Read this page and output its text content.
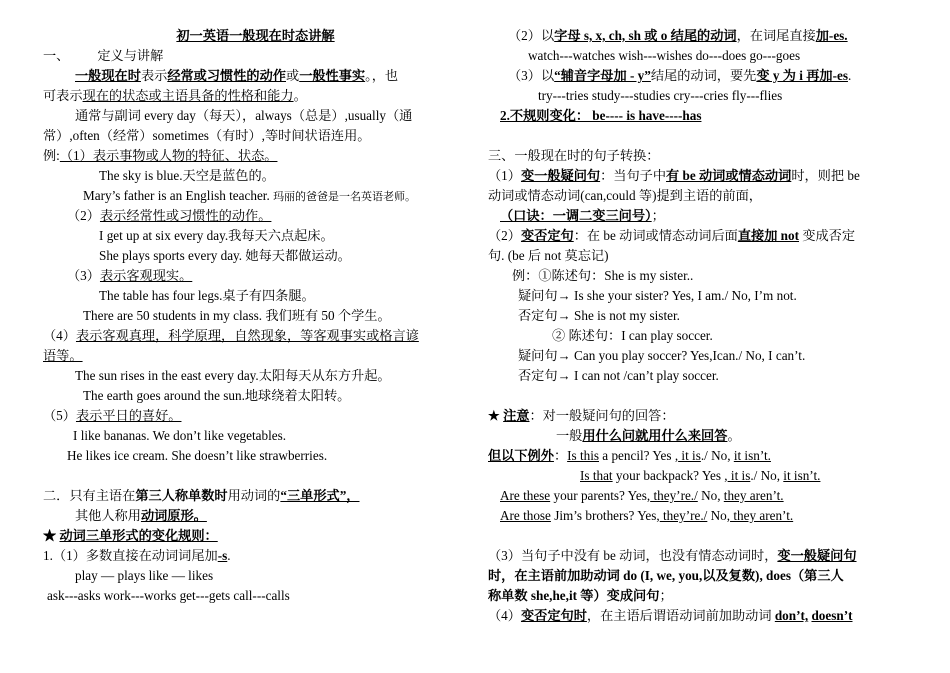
初一英语一般现在时态讲解
一、 定义与讲解
一般现在时表示经常或习惯性的动作或一般性事实。，也
可表示现在的状态或主语具备的性格和能力。
通常与副词 every day（每天），always（总是）,usually（通
常）,often（经常）sometimes（有时）,等时间状语连用。
例:（1）表示事物或人物的特征、状态。
The sky is blue.天空是蓝色的。
Mary’s father is an English teacher. 玛丽的爸爸是一名英语老师。
（2）表示经常性或习惯性的动作。
I get up at six every day.我每天六点起床。
She plays sports every day. 她每天都做运动。
（3）表示客观现实。
The table has four legs.桌子有四条腿。
There are 50 students in my class. 我们班有 50 个学生。
（4）表示客观真理，科学原理，自然现象，等客观事实或格言谚
语等。
The sun rises in the east every day.太阳每天从东方升起。
The earth goes around the sun.地球绕着太阳转。
（5）表示平日的喜好。
I like bananas. We don’t like vegetables.
He likes ice cream. She doesn’t like strawberries.
二．只有主语在第三人称单数时用动词的“三单形式”，
其他人称用动词原形。
★ 动词三单形式的变化规则：
1.（1）多数直接在动词词尾加-s.
play — plays like — likes
ask---asks work---works get---gets call---calls
（2）以字母 s, x, ch, sh 或 o 结尾的动词，在词尾直接加-es.
watch---watches wish---wishes do---does go---goes
（3）以“辅音字母加 - y”结尾的动词，要先变 y 为 i 再加-es.
try---tries study---studies cry---cries fly---flies
2.不规则变化： be---- is have----has
三、一般现在时的句子转换：
（1）变一般疑问句：当句子中有 be 动词或情态动词时，则把 be
动词或情态动词(can,could 等)提到主语的前面，
（口诀：一调二变三问号）；
（2）变否定句：在 be 动词或情态动词后面直接加 not 变成否定
句. (be 后 not 莫忘记)
例：①陈述句：She is my sister..
疑问句→ Is she your sister? Yes, I am./ No, I’m not.
否定句→ She is not my sister.
② 陈述句：I can play soccer.
疑问句→ Can you play soccer? Yes,Ican./ No, I can’t.
否定句→ I can not /can’t play soccer.
★ 注意：对一般疑问句的回答：
一般用什么问就用什么来回答。
但以下例外：Is this a pencil? Yes , it is./ No, it isn’t.
Is that your backpack? Yes , it is./ No, it isn’t.
Are these your parents? Yes, they’re./ No, they aren’t.
Are those Jim’s brothers? Yes, they’re./ No, they aren’t.
（3）当句子中没有 be 动词，也没有情态动词时，变一般疑问句
时，在主语前加助动词 do (I, we, you,以及复数), does（第三人
称单数 she,he,it 等）变成问句；
（4）变否定句时，在主语后谓语动词前加助动词 don’t, doesn’t
